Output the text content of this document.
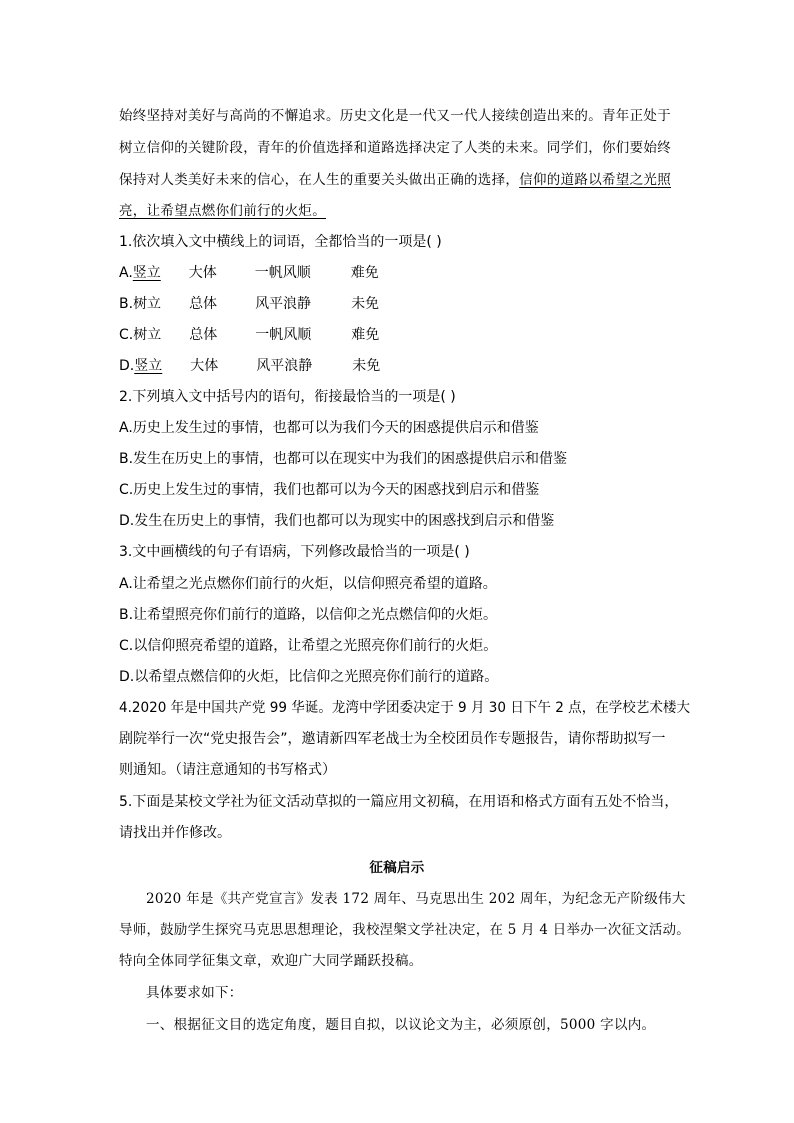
始终坚持对美好与高尚的不懈追求。历史文化是一代又一代人接续创造出来的。青年正处于
树立信仰的关键阶段，青年的价值选择和道路选择决定了人类的未来。同学们，你们要始终
保持对人类美好未来的信心，在人生的重要关头做出正确的选择，信仰的道路以希望之光照
亮，让希望点燃你们前行的火炬。
1.依次填入文中横线上的词语，全都恰当的一项是( )
A.竖立 大体	一帆风顺	难免
B.树立 总体	风平浪静	未免
C.树立 总体	一帆风顺	难免
D.竖立 大体	风平浪静	未免
2.下列填入文中括号内的语句，衔接最恰当的一项是( )
A.历史上发生过的事情，也都可以为我们今天的困惑提供启示和借鉴
B.发生在历史上的事情，也都可以在现实中为我们的困惑提供启示和借鉴
C.历史上发生过的事情，我们也都可以为今天的困惑找到启示和借鉴
D.发生在历史上的事情，我们也都可以为现实中的困惑找到启示和借鉴
3.文中画横线的句子有语病，下列修改最恰当的一项是( )
A.让希望之光点燃你们前行的火炬，以信仰照亮希望的道路。
B.让希望照亮你们前行的道路，以信仰之光点燃信仰的火炬。
C.以信仰照亮希望的道路，让希望之光照亮你们前行的火炬。
D.以希望点燃信仰的火炬，比信仰之光照亮你们前行的道路。
4.2020 年是中国共产党 99 华诞。龙湾中学团委决定于 9 月 30 日下午 2 点，在学校艺术楼大
剧院举行一次“党史报告会”，邀请新四军老战士为全校团员作专题报告，请你帮助拟写一
则通知。（请注意通知的书写格式）
5.下面是某校文学社为征文活动草拟的一篇应用文初稿，在用语和格式方面有五处不恰当，
请找出并作修改。
征稿启示
2020 年是《共产党宣言》发表 172 周年、马克思出生 202 周年，为纪念无产阶级伟大
导师，鼓励学生探究马克思思想理论，我校涅槃文学社决定，在 5 月 4 日举办一次征文活动。
特向全体同学征集文章，欢迎广大同学踊跃投稿。
具体要求如下：
一、根据征文目的选定角度，题目自拟，以议论文为主，必须原创，5000 字以内。
